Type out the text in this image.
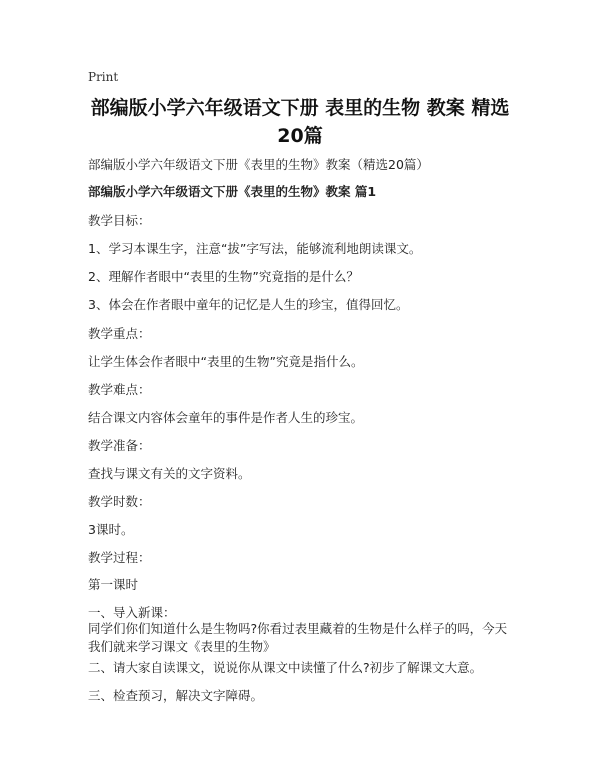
Print
部编版小学六年级语文下册 表里的生物 教案 精选20篇
部编版小学六年级语文下册《表里的生物》教案（精选20篇）
部编版小学六年级语文下册《表里的生物》教案 篇1
教学目标：
1、学习本课生字，注意“拔”字写法，能够流利地朗读课文。
2、理解作者眼中“表里的生物”究竟指的是什么？
3、体会在作者眼中童年的记忆是人生的珍宝，值得回忆。
教学重点：
让学生体会作者眼中“表里的生物”究竟是指什么。
教学难点：
结合课文内容体会童年的事件是作者人生的珍宝。
教学准备：
查找与课文有关的文字资料。
教学时数：
3课时。
教学过程：
第一课时
一、导入新课：
同学们你们知道什么是生物吗?你看过表里藏着的生物是什么样子的吗，今天我们就来学习课文《表里的生物》
二、请大家自读课文，说说你从课文中读懂了什么?初步了解课文大意。
三、检查预习，解决文字障碍。
